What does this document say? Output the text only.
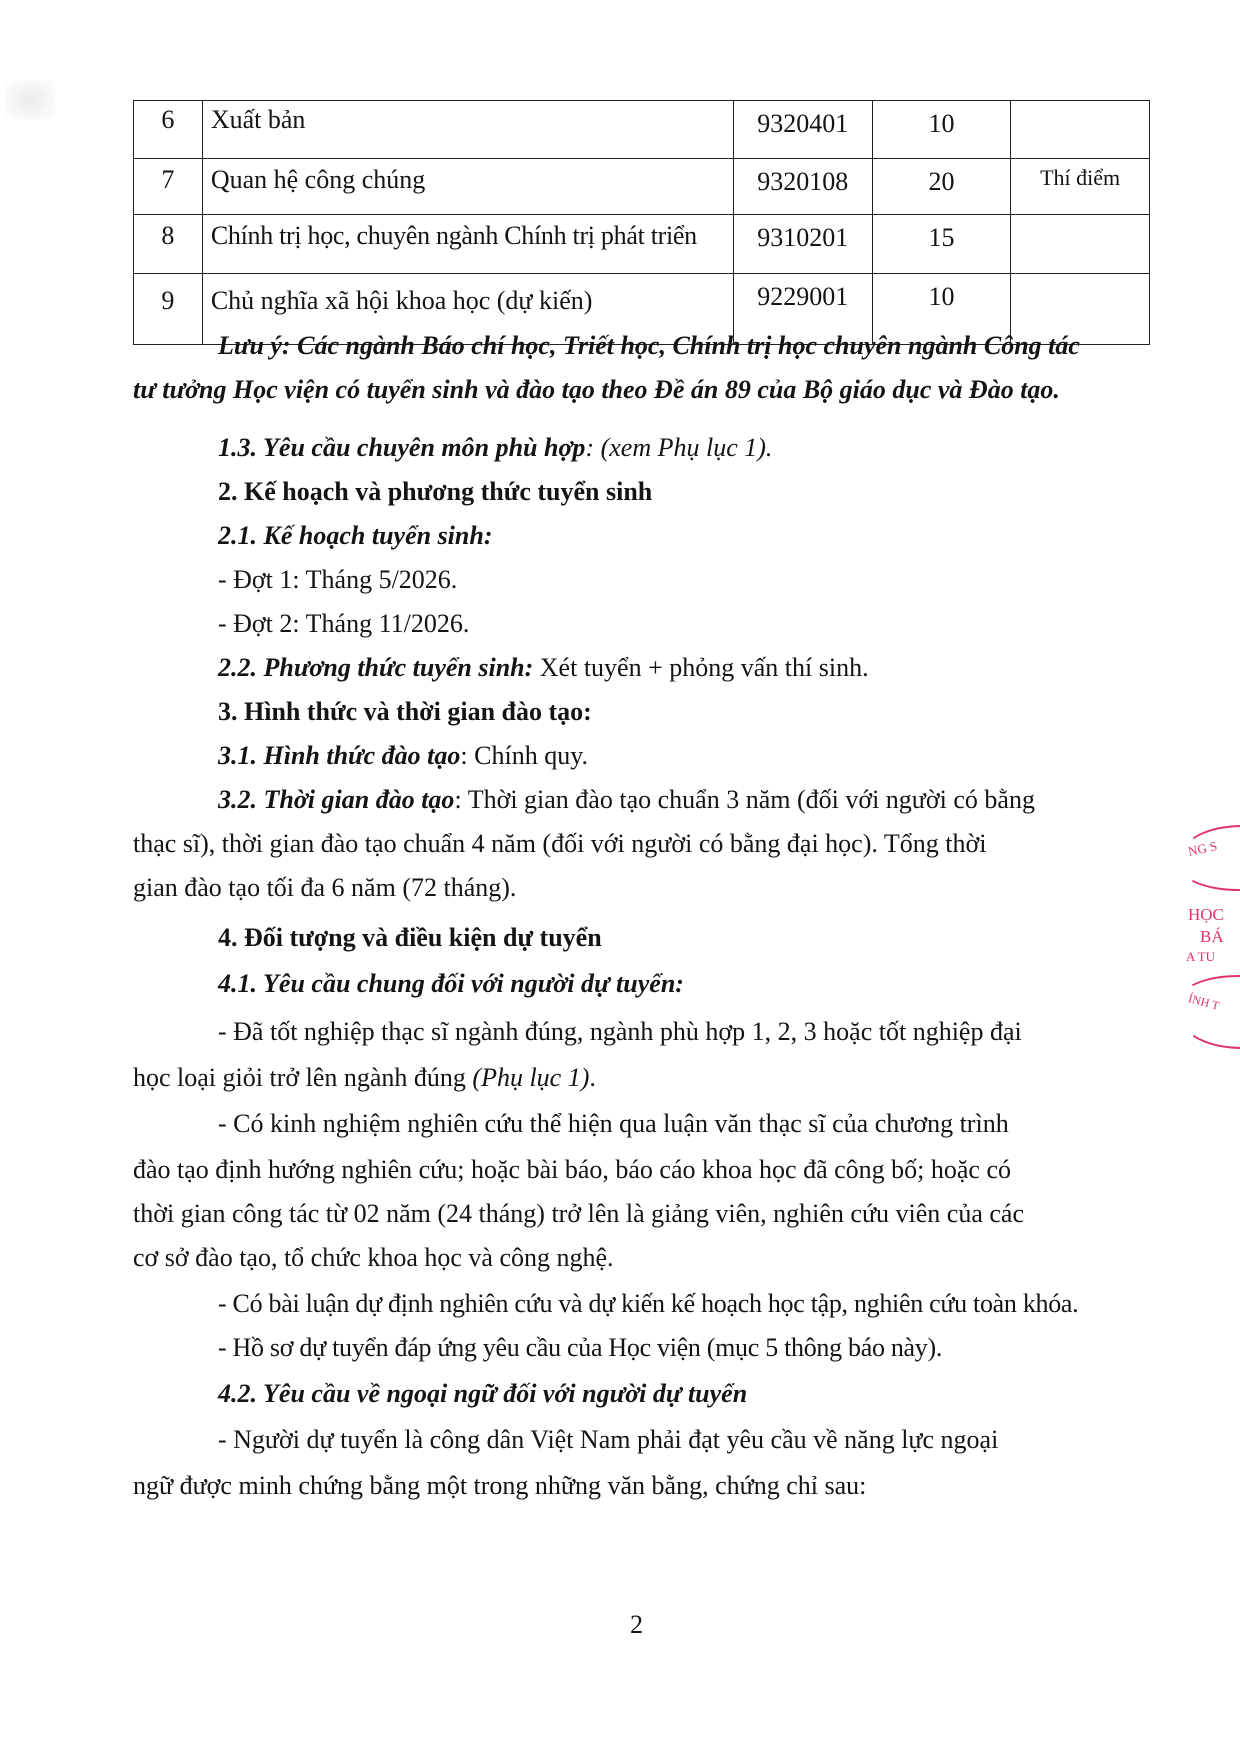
6	Xuất bản	9320401	10	
7	Quan hệ công chúng	9320108	20	Thí điểm
8	Chính trị học, chuyên ngành Chính trị phát triển	9310201	15	
9	Chủ nghĩa xã hội khoa học (dự kiến)	9229001	10	
Lưu ý: Các ngành Báo chí học, Triết học, Chính trị học chuyên ngành Công tác
tư tưởng Học viện có tuyển sinh và đào tạo theo Đề án 89 của Bộ giáo dục và Đào tạo.
1.3. Yêu cầu chuyên môn phù hợp: (xem Phụ lục 1).
2. Kế hoạch và phương thức tuyển sinh
2.1. Kế hoạch tuyển sinh:
- Đợt 1: Tháng 5/2026.
- Đợt 2: Tháng 11/2026.
2.2. Phương thức tuyển sinh: Xét tuyển + phỏng vấn thí sinh.
3. Hình thức và thời gian đào tạo:
3.1. Hình thức đào tạo: Chính quy.
3.2. Thời gian đào tạo: Thời gian đào tạo chuẩn 3 năm (đối với người có bằng
thạc sĩ), thời gian đào tạo chuẩn 4 năm (đối với người có bằng đại học). Tổng thời
gian đào tạo tối đa 6 năm (72 tháng).
4. Đối tượng và điều kiện dự tuyển
4.1. Yêu cầu chung đối với người dự tuyển:
- Đã tốt nghiệp thạc sĩ ngành đúng, ngành phù hợp 1, 2, 3 hoặc tốt nghiệp đại
học loại giỏi trở lên ngành đúng (Phụ lục 1).
- Có kinh nghiệm nghiên cứu thể hiện qua luận văn thạc sĩ của chương trình
đào tạo định hướng nghiên cứu; hoặc bài báo, báo cáo khoa học đã công bố; hoặc có
thời gian công tác từ 02 năm (24 tháng) trở lên là giảng viên, nghiên cứu viên của các
cơ sở đào tạo, tổ chức khoa học và công nghệ.
- Có bài luận dự định nghiên cứu và dự kiến kế hoạch học tập, nghiên cứu toàn khóa.
- Hồ sơ dự tuyển đáp ứng yêu cầu của Học viện (mục 5 thông báo này).
4.2. Yêu cầu về ngoại ngữ đối với người dự tuyển
- Người dự tuyển là công dân Việt Nam phải đạt yêu cầu về năng lực ngoại
ngữ được minh chứng bằng một trong những văn bằng, chứng chỉ sau:
2
NG S
HỌC
BÁ
A TU
ÍNH T
